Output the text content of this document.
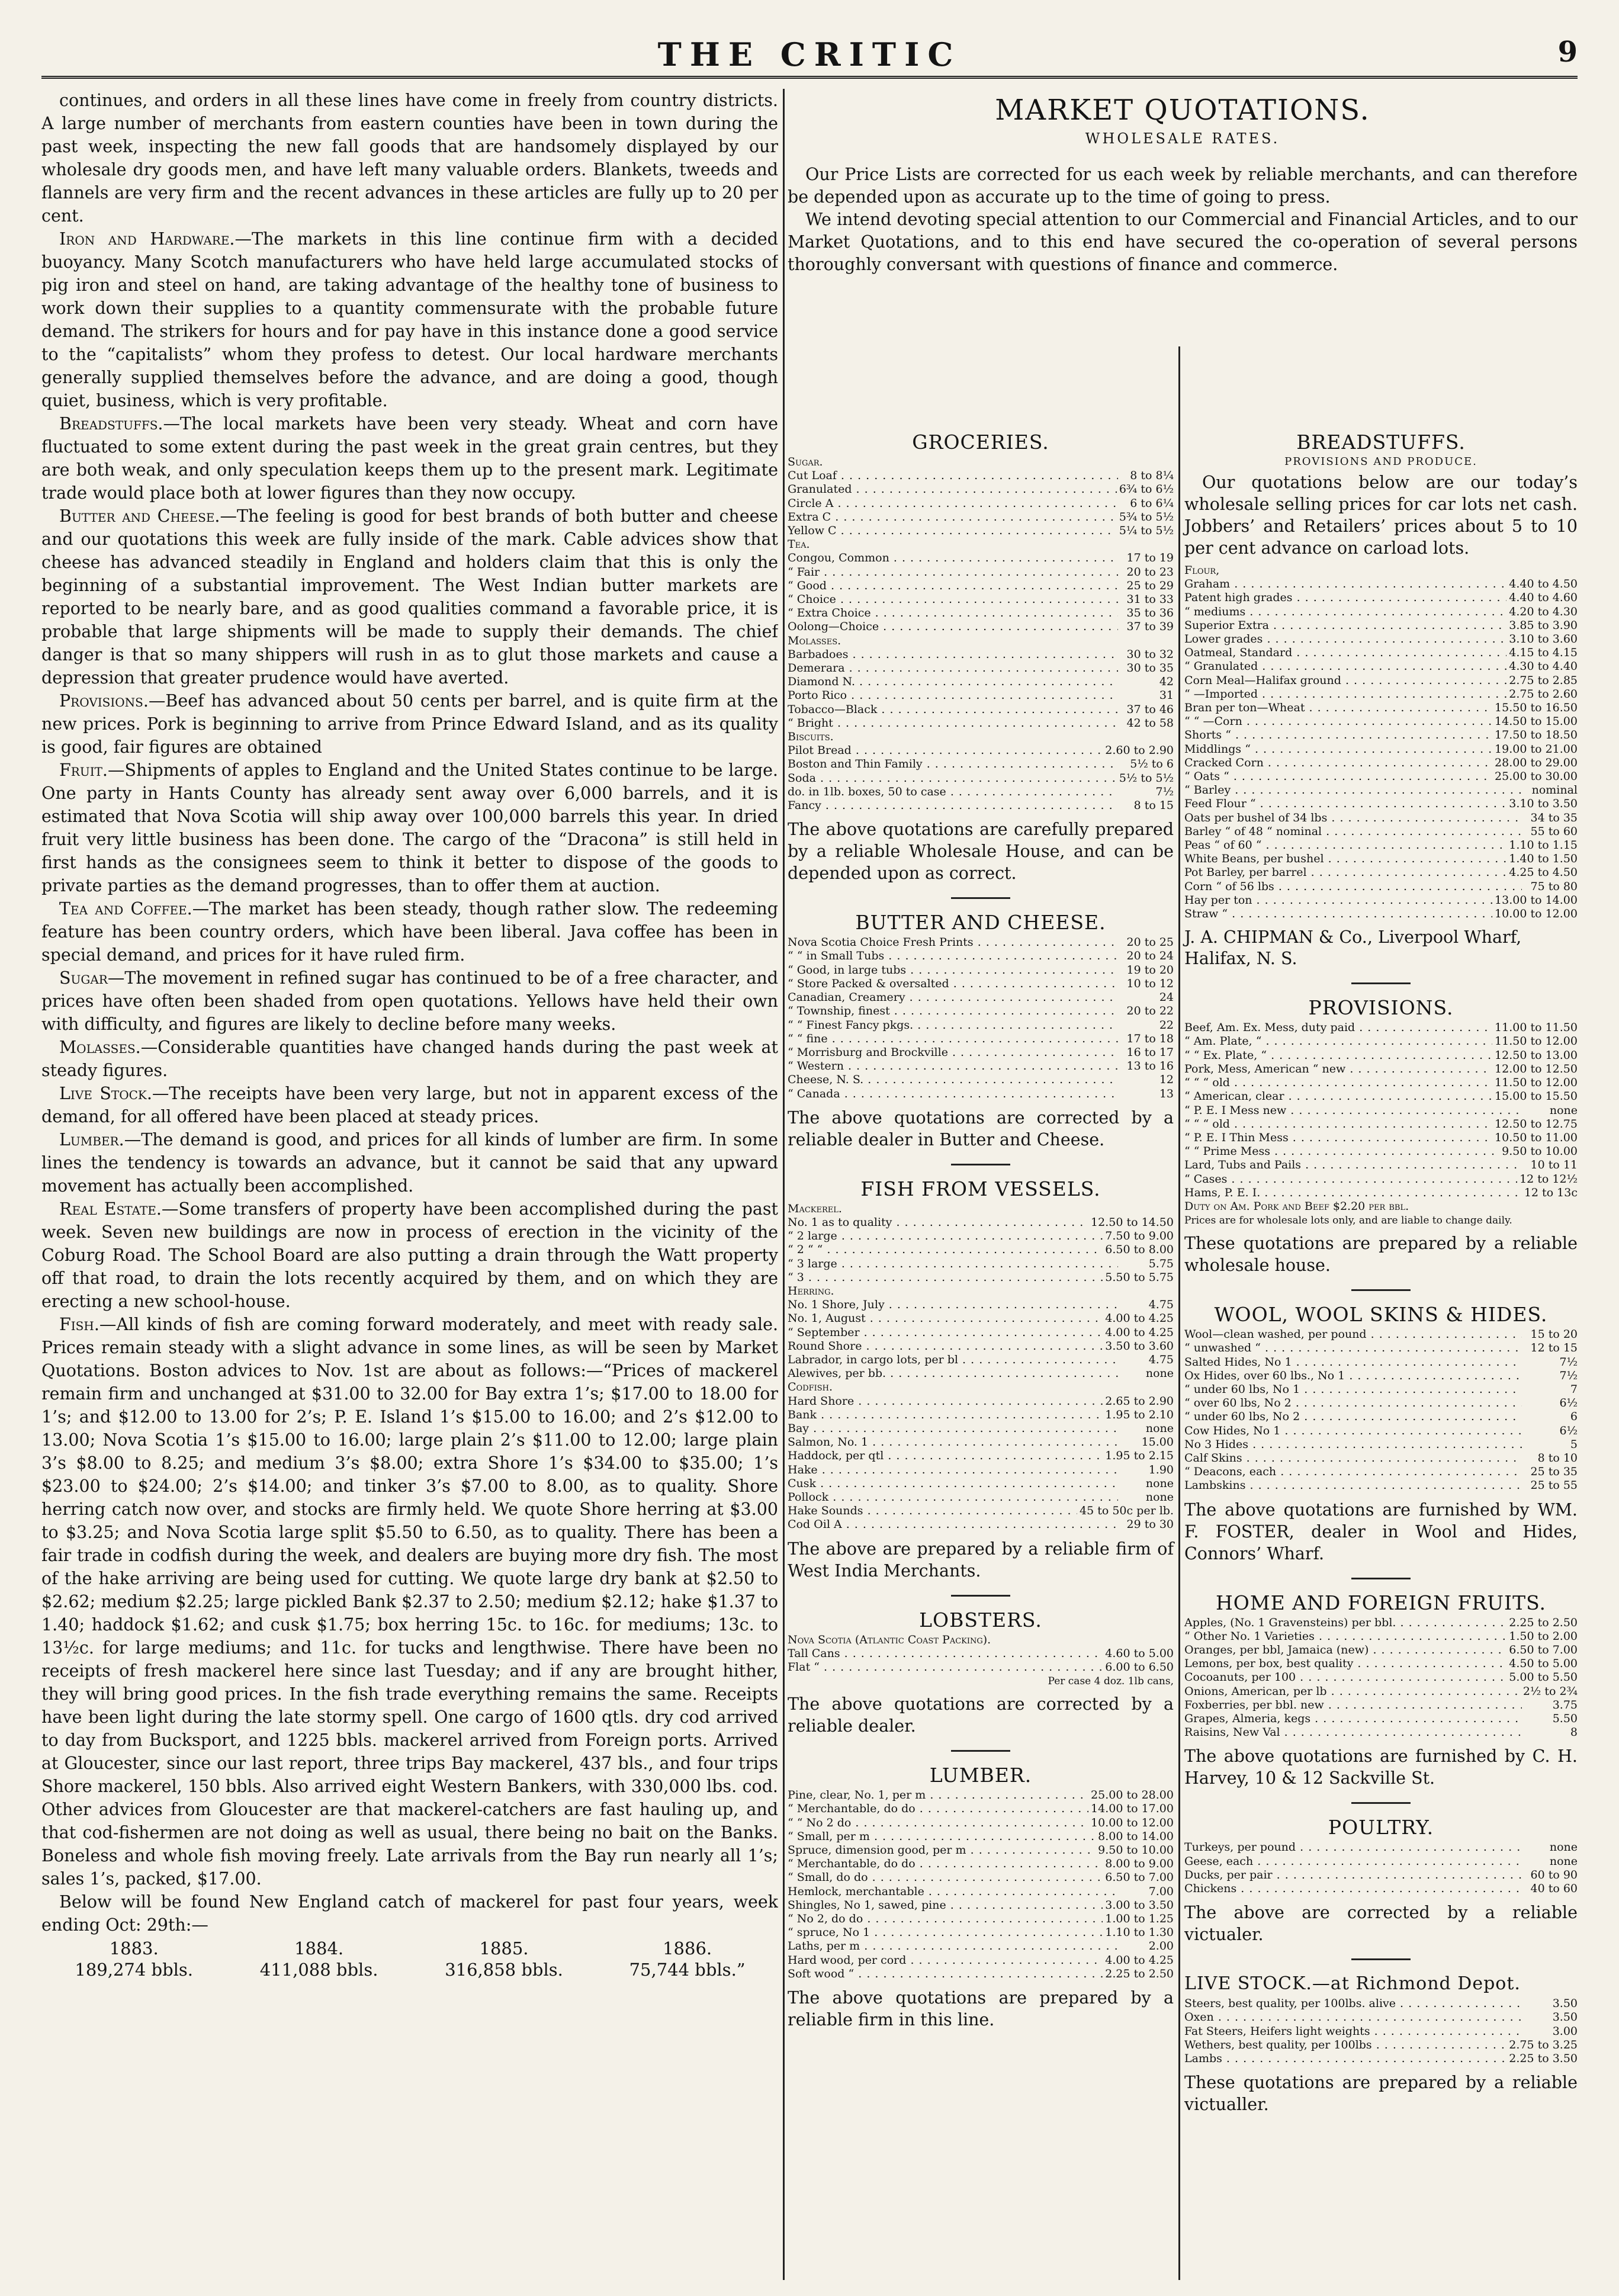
THE CRITIC	9

continues, and orders in all these lines have come in freely from country districts. A large number of merchants from eastern counties have been in town during the past week, inspecting the new fall goods that are handsomely displayed by our wholesale dry goods men, and have left many valuable orders. Blankets, tweeds and flannels are very firm and the recent advances in these articles are fully up to 20 per cent.

Iron and Hardware.—The markets in this line continue firm with a decided buoyancy. Many Scotch manufacturers who have held large accumulated stocks of pig iron and steel on hand, are taking advantage of the healthy tone of business to work down their supplies to a quantity commensurate with the probable future demand. The strikers for hours and for pay have in this instance done a good service to the “capitalists” whom they profess to detest. Our local hardware merchants generally supplied themselves before the advance, and are doing a good, though quiet, business, which is very profitable.

Breadstuffs.—The local markets have been very steady. Wheat and corn have fluctuated to some extent during the past week in the great grain centres, but they are both weak, and only speculation keeps them up to the present mark. Legitimate trade would place both at lower figures than they now occupy.

Butter and Cheese.—The feeling is good for best brands of both butter and cheese and our quotations this week are fully inside of the mark. Cable advices show that cheese has advanced steadily in England and holders claim that this is only the beginning of a substantial improvement. The West Indian butter markets are reported to be nearly bare, and as good qualities command a favorable price, it is probable that large shipments will be made to supply their demands. The chief danger is that so many shippers will rush in as to glut those markets and cause a depression that greater prudence would have averted.

Provisions.—Beef has advanced about 50 cents per barrel, and is quite firm at the new prices. Pork is beginning to arrive from Prince Edward Island, and as its quality is good, fair figures are obtained

Fruit.—Shipments of apples to England and the United States continue to be large. One party in Hants County has already sent away over 6,000 barrels, and it is estimated that Nova Scotia will ship away over 100,000 barrels this year. In dried fruit very little business has been done. The cargo of the “Dracona” is still held in first hands as the consignees seem to think it better to dispose of the goods to private parties as the demand progresses, than to offer them at auction.

Tea and Coffee.—The market has been steady, though rather slow. The redeeming feature has been country orders, which have been liberal. Java coffee has been in special demand, and prices for it have ruled firm.

Sugar—The movement in refined sugar has continued to be of a free character, and prices have often been shaded from open quotations. Yellows have held their own with difficulty, and figures are likely to decline before many weeks.

Molasses.—Considerable quantities have changed hands during the past week at steady figures.

Live Stock.—The receipts have been very large, but not in apparent excess of the demand, for all offered have been placed at steady prices.

Lumber.—The demand is good, and prices for all kinds of lumber are firm. In some lines the tendency is towards an advance, but it cannot be said that any upward movement has actually been accomplished.

Real Estate.—Some transfers of property have been accomplished during the past week. Seven new buildings are now in process of erection in the vicinity of the Coburg Road. The School Board are also putting a drain through the Watt property off that road, to drain the lots recently acquired by them, and on which they are erecting a new school-house.

Fish.—All kinds of fish are coming forward moderately, and meet with ready sale. Prices remain steady with a slight advance in some lines, as will be seen by Market Quotations. Boston advices to Nov. 1st are about as follows:—“Prices of mackerel remain firm and unchanged at $31.00 to 32.00 for Bay extra 1’s; $17.00 to 18.00 for 1’s; and $12.00 to 13.00 for 2’s; P. E. Island 1’s $15.00 to 16.00; and 2’s $12.00 to 13.00; Nova Scotia 1’s $15.00 to 16.00; large plain 2’s $11.00 to 12.00; large plain 3’s $8.00 to 8.25; and medium 3’s $8.00; extra Shore 1’s $34.00 to $35.00; 1’s $23.00 to $24.00; 2’s $14.00; and tinker 3’s $7.00 to 8.00, as to quality. Shore herring catch now over, and stocks are firmly held. We quote Shore herring at $3.00 to $3.25; and Nova Scotia large split $5.50 to 6.50, as to quality. There has been a fair trade in codfish during the week, and dealers are buying more dry fish. The most of the hake arriving are being used for cutting. We quote large dry bank at $2.50 to $2.62; medium $2.25; large pickled Bank $2.37 to 2.50; medium $2.12; hake $1.37 to 1.40; haddock $1.62; and cusk $1.75; box herring 15c. to 16c. for mediums; 13c. to 13½c. for large mediums; and 11c. for tucks and lengthwise. There have been no receipts of fresh mackerel here since last Tuesday; and if any are brought hither, they will bring good prices. In the fish trade everything remains the same. Receipts have been light during the late stormy spell. One cargo of 1600 qtls. dry cod arrived to day from Bucksport, and 1225 bbls. mackerel arrived from Foreign ports. Arrived at Gloucester, since our last report, three trips Bay mackerel, 437 bls., and four trips Shore mackerel, 150 bbls. Also arrived eight Western Bankers, with 330,000 lbs. cod. Other advices from Gloucester are that mackerel-catchers are fast hauling up, and that cod-fishermen are not doing as well as usual, there being no bait on the Banks. Boneless and whole fish moving freely. Late arrivals from the Bay run nearly all 1’s; sales 1’s, packed, $17.00.

Below will be found New England catch of mackerel for past four years, week ending Oct: 29th:—

1883.	1884.	1885.	1886.
189,274 bbls.	411,088 bbls.	316,858 bbls.	75,744 bbls.”
MARKET QUOTATIONS.
WHOLESALE RATES.

Our Price Lists are corrected for us each week by reliable merchants, and can therefore be depended upon as accurate up to the time of going to press.

We intend devoting special attention to our Commercial and Financial Articles, and to our Market Quotations, and to this end have secured the co-operation of several persons thoroughly conversant with questions of finance and commerce.

GROCERIES.
Sugar.
Cut Loaf . . .	8 to 8¼
Granulated . . .	6¾ to 6½
Circle A . . .	6 to 6¼
Extra C . . .	5¾ to 5½
Yellow C . . .	5¼ to 5½
Tea.
Congou, Common . . .	17 to 19
“ Fair . . .	20 to 23
“ Good . . .	25 to 29
“ Choice . . .	31 to 33
“ Extra Choice . . .	35 to 36
Oolong—Choice . . .	37 to 39
Molasses.
Barbadoes . . .	30 to 32
Demerara . . .	30 to 35
Diamond N. . . .	42
Porto Rico . . .	31
Tobacco—Black . . .	37 to 46
“ Bright . . .	42 to 58
Biscuits.
Pilot Bread . . .	2.60 to 2.90
Boston and Thin Family . . .	5½ to 6
Soda . . .	5½ to 5½
do. in 1lb. boxes, 50 to case . . .	7½
Fancy . . .	8 to 15
The above quotations are carefully prepared by a reliable Wholesale House, and can be depended upon as correct.
BUTTER AND CHEESE.
Nova Scotia Choice Fresh Prints . . .	20 to 25
“ “ in Small Tubs . . .	20 to 24
“ Good, in large tubs . . .	19 to 20
“ Store Packed & oversalted . . .	10 to 12
Canadian, Creamery . . .	24
“ Township, finest . . .	20 to 22
“ “ Finest Fancy pkgs. . . .	22
“ “ fine . . .	17 to 18
“ Morrisburg and Brockville . . .	16 to 17
“ Western . . .	13 to 16
Cheese, N. S. . . .	12
“ Canada . . .	13
The above quotations are corrected by a reliable dealer in Butter and Cheese.
FISH FROM VESSELS.
Mackerel.
No. 1 as to quality . . .	12.50 to 14.50
“ 2 large . . .	7.50 to 9.00
“ 2 “ “ . . .	6.50 to 8.00
“ 3 large . . .	5.75
“ 3 . . .	5.50 to 5.75
Herring.
No. 1 Shore, July . . .	4.75
No. 1, August . . .	4.00 to 4.25
“ September . . .	4.00 to 4.25
Round Shore . . .	3.50 to 3.60
Labrador, in cargo lots, per bl . . .	4.75
Alewives, per bb. . . .	none
Codfish.
Hard Shore . . .	2.65 to 2.90
Bank . . .	1.95 to 2.10
Bay . . .	none
Salmon, No. 1 . . .	15.00
Haddock, per qtl . . .	1.95 to 2.15
Hake . . .	1.90
Cusk . . .	none
Pollock . . .	none
Hake Sounds . . .	45 to 50c per lb.
Cod Oil A . . .	29 to 30
The above are prepared by a reliable firm of West India Merchants.
LOBSTERS.
Nova Scotia (Atlantic Coast Packing).
Tall Cans . . .	4.60 to 5.00
Flat “ . . .	6.00 to 6.50
Per case 4 doz. 1lb cans,
The above quotations are corrected by a reliable dealer.
LUMBER.
Pine, clear, No. 1, per m . . .	25.00 to 28.00
“ Merchantable, do do . . .	14.00 to 17.00
“ “ No 2 do . . .	10.00 to 12.00
“ Small, per m . . .	8.00 to 14.00
Spruce, dimension good, per m . . .	9.50 to 10.00
“ Merchantable, do do . . .	8.00 to 9.00
“ Small, do do . . .	6.50 to 7.00
Hemlock, merchantable . . .	7.00
Shingles, No 1, sawed, pine . . .	3.00 to 3.50
“ No 2, do do . . .	1.00 to 1.25
“ spruce, No 1 . . .	1.10 to 1.30
Laths, per m . . .	2.00
Hard wood, per cord . . .	4.00 to 4.25
Soft wood “ . . .	2.25 to 2.50
The above quotations are prepared by a reliable firm in this line.
BREADSTUFFS.
PROVISIONS AND PRODUCE.
Our quotations below are our today’s wholesale selling prices for car lots net cash. Jobbers’ and Retailers’ prices about 5 to 10 per cent advance on carload lots.
Flour,
Graham . . .	4.40 to 4.50
Patent high grades . . .	4.40 to 4.60
“ mediums . . .	4.20 to 4.30
Superior Extra . . .	3.85 to 3.90
Lower grades . . .	3.10 to 3.60
Oatmeal, Standard . . .	4.15 to 4.15
“ Granulated . . .	4.30 to 4.40
Corn Meal—Halifax ground . . .	2.75 to 2.85
“ —Imported . . .	2.75 to 2.60
Bran per ton—Wheat . . .	15.50 to 16.50
“ “ —Corn . . .	14.50 to 15.00
Shorts “ . . .	17.50 to 18.50
Middlings “ . . .	19.00 to 21.00
Cracked Corn . . .	28.00 to 29.00
“ Oats “ . . .	25.00 to 30.00
“ Barley . . .	nominal
Feed Flour “ . . .	3.10 to 3.50
Oats per bushel of 34 lbs . . .	34 to 35
Barley “ of 48 “ nominal . . .	55 to 60
Peas “ of 60 “ . . .	1.10 to 1.15
White Beans, per bushel . . .	1.40 to 1.50
Pot Barley, per barrel . . .	4.25 to 4.50
Corn “ of 56 lbs . . .	75 to 80
Hay per ton . . .	13.00 to 14.00
Straw “ . . .	10.00 to 12.00
J. A. CHIPMAN & Co., Liverpool Wharf, Halifax, N. S.
PROVISIONS.
Beef, Am. Ex. Mess, duty paid . . .	11.00 to 11.50
“ Am. Plate, “ . . .	11.50 to 12.00
“ “ Ex. Plate, “ . . .	12.50 to 13.00
Pork, Mess, American “ new . . .	12.00 to 12.50
“ “ “ old . . .	11.50 to 12.00
“ American, clear . . .	15.00 to 15.50
“ P. E. I Mess new . . .	none
“ “ “ old . . .	12.50 to 12.75
“ P. E. I Thin Mess . . .	10.50 to 11.00
“ “ Prime Mess . . .	9.50 to 10.00
Lard, Tubs and Pails . . .	10 to 11
“ Cases . . .	12 to 12½
Hams, P. E. I. . . .	12 to 13c
Duty on Am. Pork and Beef $2.20 per bbl.
Prices are for wholesale lots only, and are liable to change daily.
These quotations are prepared by a reliable wholesale house.
WOOL, WOOL SKINS & HIDES.
Wool—clean washed, per pound . . .	15 to 20
“ unwashed “ . . .	12 to 15
Salted Hides, No 1 . . .	7½
Ox Hides, over 60 lbs., No 1 . . .	7½
“ under 60 lbs, No 1 . . .	7
“ over 60 lbs, No 2 . . .	6½
“ under 60 lbs, No 2 . . .	6
Cow Hides, No 1 . . .	6½
No 3 Hides . . .	5
Calf Skins . . .	8 to 10
“ Deacons, each . . .	25 to 35
Lambskins . . .	25 to 55
The above quotations are furnished by WM. F. FOSTER, dealer in Wool and Hides, Connors’ Wharf.
HOME AND FOREIGN FRUITS.
Apples, (No. 1 Gravensteins) per bbl. . . .	2.25 to 2.50
“ Other No. 1 Varieties . . .	1.50 to 2.00
Oranges, per bbl, Jamaica (new) . . .	6.50 to 7.00
Lemons, per box, best quality . . .	4.50 to 5.00
Cocoanuts, per 100 . . .	5.00 to 5.50
Onions, American, per lb . . .	2½ to 2¾
Foxberries, per bbl. new . . .	3.75
Grapes, Almeria, kegs . . .	5.50
Raisins, New Val . . .	8
The above quotations are furnished by C. H. Harvey, 10 & 12 Sackville St.
POULTRY.
Turkeys, per pound . . .	none
Geese, each . . .	none
Ducks, per pair . . .	60 to 90
Chickens . . .	40 to 60
The above are corrected by a reliable victualer.
LIVE STOCK.—at Richmond Depot.
Steers, best quality, per 100lbs. alive . . .	3.50
Oxen . . .	3.50
Fat Steers, Heifers light weights . . .	3.00
Wethers, best quality, per 100lbs . . .	2.75 to 3.25
Lambs . . .	2.25 to 3.50
These quotations are prepared by a reliable victualler.
